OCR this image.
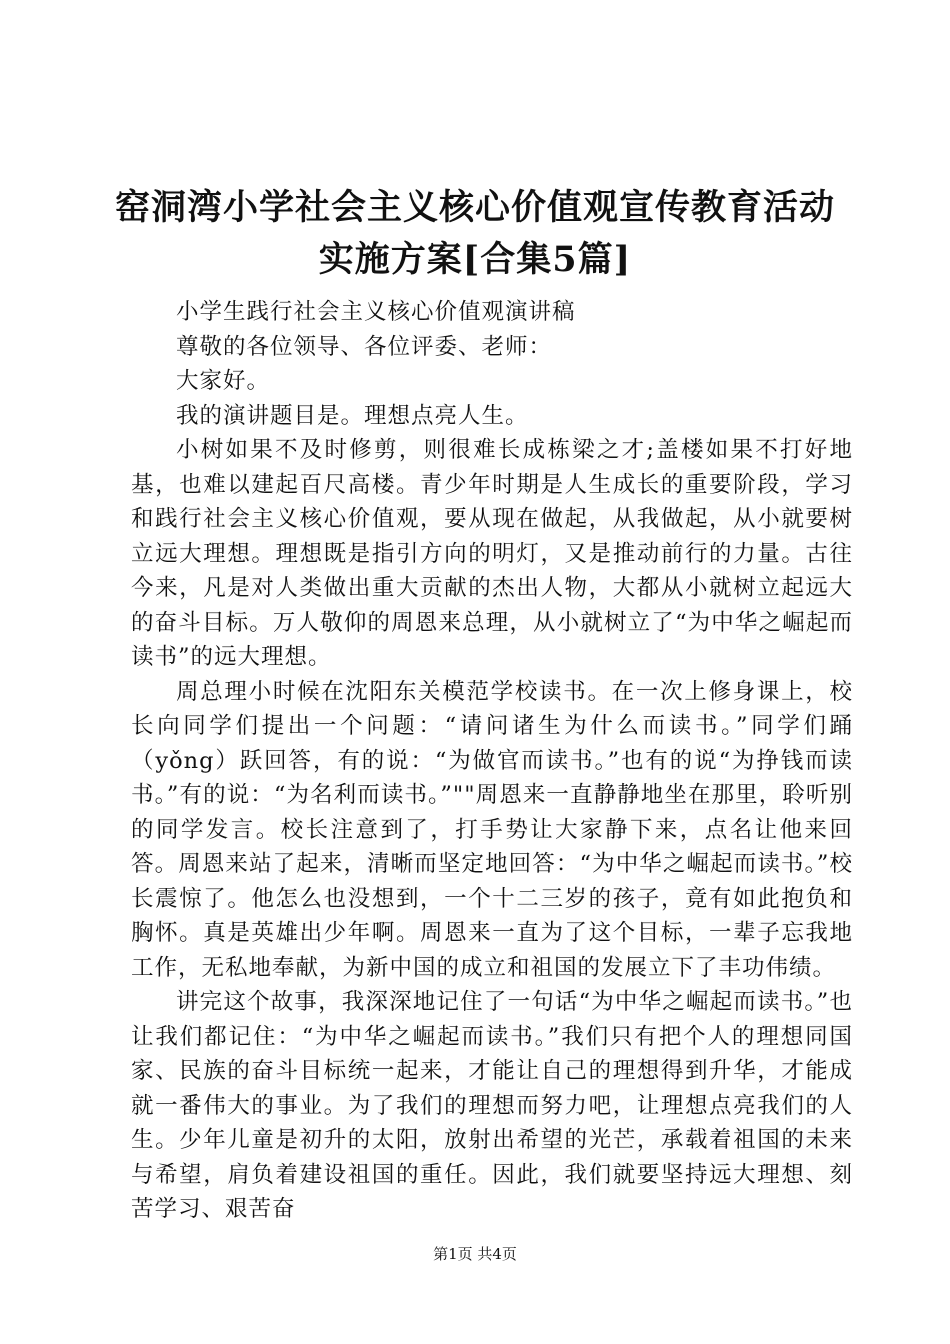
窑洞湾小学社会主义核心价值观宣传教育活动
实施方案[合集5篇]

小学生践行社会主义核心价值观演讲稿

尊敬的各位领导、各位评委、老师：

大家好。

我的演讲题目是。理想点亮人生。

小树如果不及时修剪，则很难长成栋梁之才;盖楼如果不打好地基，也难以建起百尺高楼。青少年时期是人生成长的重要阶段，学习和践行社会主义核心价值观，要从现在做起，从我做起，从小就要树立远大理想。理想既是指引方向的明灯，又是推动前行的力量。古往今来，凡是对人类做出重大贡献的杰出人物，大都从小就树立起远大的奋斗目标。万人敬仰的周恩来总理，从小就树立了“为中华之崛起而读书”的远大理想。

周总理小时候在沈阳东关模范学校读书。在一次上修身课上，校长向同学们提出一个问题：“请问诸生为什么而读书。”同学们踊（yǒng）跃回答，有的说：“为做官而读书。”也有的说“为挣钱而读书。”有的说：“为名利而读书。”""周恩来一直静静地坐在那里，聆听别的同学发言。校长注意到了，打手势让大家静下来，点名让他来回答。周恩来站了起来，清晰而坚定地回答：“为中华之崛起而读书。”校长震惊了。他怎么也没想到，一个十二三岁的孩子，竟有如此抱负和胸怀。真是英雄出少年啊。周恩来一直为了这个目标，一辈子忘我地工作，无私地奉献，为新中国的成立和祖国的发展立下了丰功伟绩。

讲完这个故事，我深深地记住了一句话“为中华之崛起而读书。”也让我们都记住：“为中华之崛起而读书。”我们只有把个人的理想同国家、民族的奋斗目标统一起来，才能让自己的理想得到升华，才能成就一番伟大的事业。为了我们的理想而努力吧，让理想点亮我们的人生。少年儿童是初升的太阳，放射出希望的光芒，承载着祖国的未来与希望，肩负着建设祖国的重任。因此，我们就要坚持远大理想、刻苦学习、艰苦奋

第1页 共4页
